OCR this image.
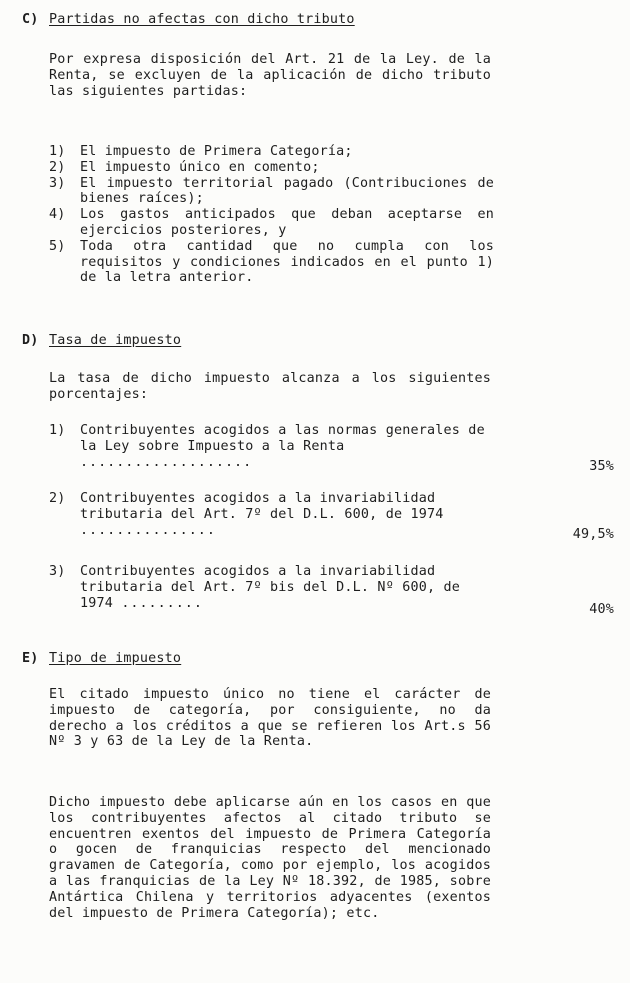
C) Partidas no afectas con dicho tributo
Por expresa disposición del Art. 21 de la Ley. de la Renta, se excluyen de la aplicación de dicho tributo las siguientes partidas:
1) El impuesto de Primera Categoría;
2) El impuesto único en comento;
3) El impuesto territorial pagado (Contribuciones de bienes raíces);
4) Los gastos anticipados que deban aceptarse en ejercicios posteriores, y
5) Toda otra cantidad que no cumpla con los requisitos y condiciones indicados en el punto 1) de la letra anterior.
D) Tasa de impuesto
La tasa de dicho impuesto alcanza a los siguientes porcentajes:
1) Contribuyentes acogidos a las normas generales de la Ley sobre Impuesto a la Renta ...................	35%
2) Contribuyentes acogidos a la invariabilidad tributaria del Art. 7º del D.L. 600, de 1974 ...............	49,5%
3) Contribuyentes acogidos a la invariabilidad tributaria del Art. 7º bis del D.L. Nº 600, de 1974 .........	40%
E) Tipo de impuesto
El citado impuesto único no tiene el carácter de impuesto de categoría, por consiguiente, no da derecho a los créditos a que se refieren los Art.s 56 Nº 3 y 63 de la Ley de la Renta.
Dicho impuesto debe aplicarse aún en los casos en que los contribuyentes afectos al citado tributo se encuentren exentos del impuesto de Primera Categoría o gocen de franquicias respecto del mencionado gravamen de Categoría, como por ejemplo, los acogidos a las franquicias de la Ley Nº 18.392, de 1985, sobre Antártica Chilena y territorios adyacentes (exentos del impuesto de Primera Categoría); etc.
